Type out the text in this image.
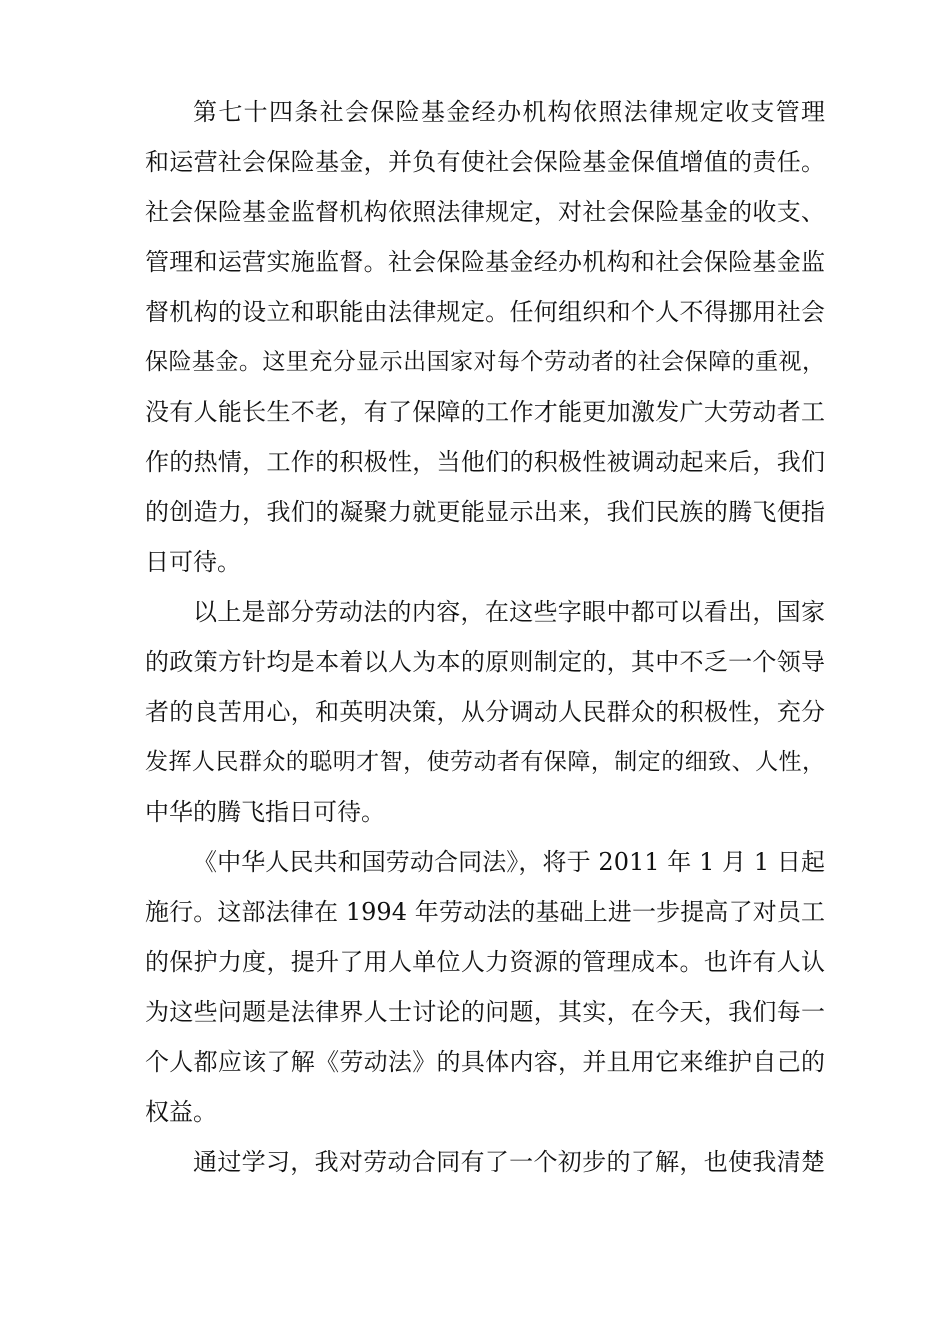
第七十四条社会保险基金经办机构依照法律规定收支管理
和运营社会保险基金，并负有使社会保险基金保值增值的责任。
社会保险基金监督机构依照法律规定，对社会保险基金的收支、
管理和运营实施监督。社会保险基金经办机构和社会保险基金监
督机构的设立和职能由法律规定。任何组织和个人不得挪用社会
保险基金。这里充分显示出国家对每个劳动者的社会保障的重视，
没有人能长生不老，有了保障的工作才能更加激发广大劳动者工
作的热情，工作的积极性，当他们的积极性被调动起来后，我们
的创造力，我们的凝聚力就更能显示出来，我们民族的腾飞便指
日可待。
以上是部分劳动法的内容，在这些字眼中都可以看出，国家
的政策方针均是本着以人为本的原则制定的，其中不乏一个领导
者的良苦用心，和英明决策，从分调动人民群众的积极性，充分
发挥人民群众的聪明才智，使劳动者有保障，制定的细致、人性，
中华的腾飞指日可待。
《中华人民共和国劳动合同法》，将于 2011 年 1 月 1 日起
施行。这部法律在 1994 年劳动法的基础上进一步提高了对员工
的保护力度，提升了用人单位人力资源的管理成本。也许有人认
为这些问题是法律界人士讨论的问题，其实，在今天，我们每一
个人都应该了解《劳动法》的具体内容，并且用它来维护自己的
权益。
通过学习，我对劳动合同有了一个初步的了解，也使我清楚
